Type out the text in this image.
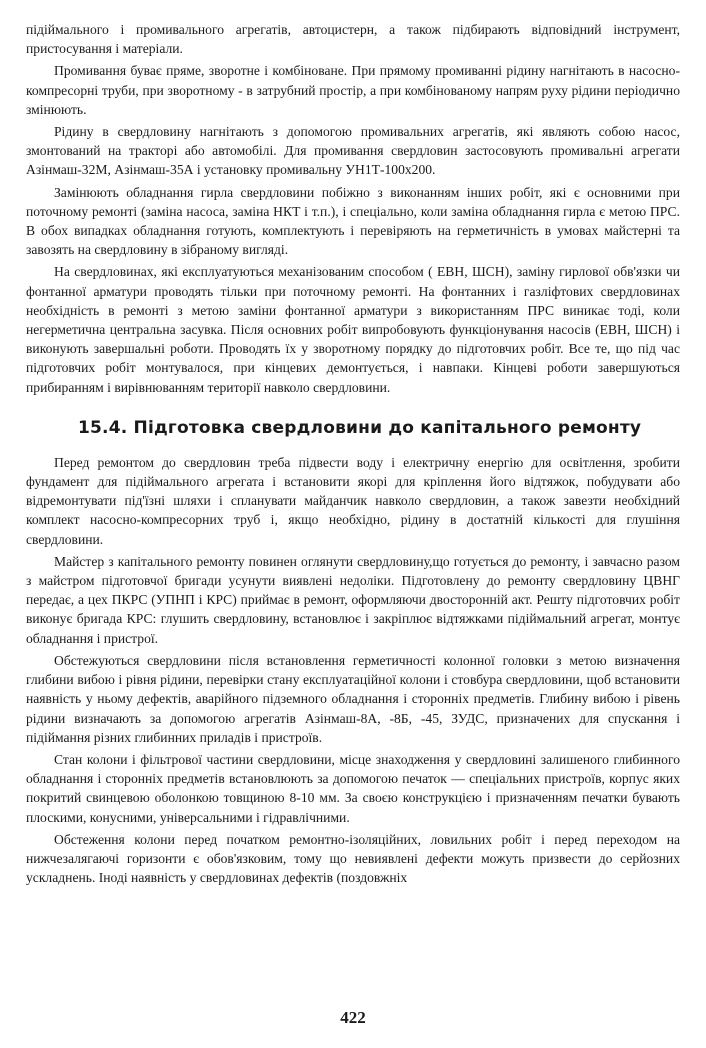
підіймального і промивального агрегатів, автоцистерн, а також підбирають відповідний інструмент, пристосування і матеріали.

Промивання буває пряме, зворотне і комбіноване. При прямому промиванні рідину нагнітають в насосно-компресорні труби, при зворотному - в затрубний простір, а при комбінованому напрям руху рідини періодично змінюють.

Рідину в свердловину нагнітають з допомогою промивальних агрегатів, які являють собою насос, змонтований на тракторі або автомобілі. Для промивання свердловин застосовують промивальні агрегати Азінмаш-32М, Азінмаш-35А і установку промивальну УН1Т-100х200.

Замінюють обладнання гирла свердловини побіжно з виконанням інших робіт, які є основними при поточному ремонті (заміна насоса, заміна НКТ і т.п.), і спеціально, коли заміна обладнання гирла є метою ПРС. В обох випадках обладнання готують, комплектують і перевіряють на герметичність в умовах майстерні та завозять на свердловину в зібраному вигляді.

На свердловинах, які експлуатуються механізованим способом ( ЕВН, ШСН), заміну гирлової обв'язки чи фонтанної арматури проводять тільки при поточному ремонті. На фонтанних і газліфтових свердловинах необхідність в ремонті з метою заміни фонтанної арматури з використанням ПРС виникає тоді, коли негерметична центральна засувка. Після основних робіт випробовують функціонування насосів (ЕВН, ШСН) і виконують завершальні роботи. Проводять їх у зворотному порядку до підготовчих робіт. Все те, що під час підготовчих робіт монтувалося, при кінцевих демонтується, і навпаки. Кінцеві роботи завершуються прибиранням і вирівнюванням території навколо свердловини.

15.4. Підготовка свердловини до капітального ремонту

Перед ремонтом до свердловин треба підвести воду і електричну енергію для освітлення, зробити фундамент для підіймального агрегата і встановити якорі для кріплення його відтяжок, побудувати або відремонтувати під'їзні шляхи і спланувати майданчик навколо свердловин, а також завезти необхідний комплект насосно-компресорних труб і, якщо необхідно, рідину в достатній кількості для глушіння свердловини.

Майстер з капітального ремонту повинен оглянути свердловину,що готується до ремонту, і завчасно разом з майстром підготовчої бригади усунути виявлені недоліки. Підготовлену до ремонту свердловину ЦВНГ передає, а цех ПКРС (УПНП і КРС) приймає в ремонт, оформляючи двосторонній акт. Решту підготовчих робіт виконує бригада КРС: глушить свердловину, встановлює і закріплює відтяжками підіймальний агрегат, монтує обладнання і пристрої.

Обстежуються свердловини після встановлення герметичності колонної головки з метою визначення глибини вибою і рівня рідини, перевірки стану експлуатаційної колони і стовбура свердловини, щоб встановити наявність у ньому дефектів, аварійного підземного обладнання і сторонніх предметів. Глибину вибою і рівень рідини визначають за допомогою агрегатів Азінмаш-8А, -8Б, -45, ЗУДС, призначених для спускання і підіймання різних глибинних приладів і пристроїв.

Стан колони і фільтрової частини свердловини, місце знаходження у свердловині залишеного глибинного обладнання і сторонніх предметів встановлюють за допомогою печаток — спеціальних пристроїв, корпус яких покритий свинцевою оболонкою товщиною 8-10 мм. За своєю конструкцією і призначенням печатки бувають плоскими, конусними, універсальними і гідравлічними.

Обстеження колони перед початком ремонтно-ізоляційних, ловильних робіт і перед переходом на нижчезалягаючі горизонти є обов'язковим, тому що невиявлені дефекти можуть призвести до серйозних ускладнень. Іноді наявність у свердловинах дефектів (поздовжніх

422
